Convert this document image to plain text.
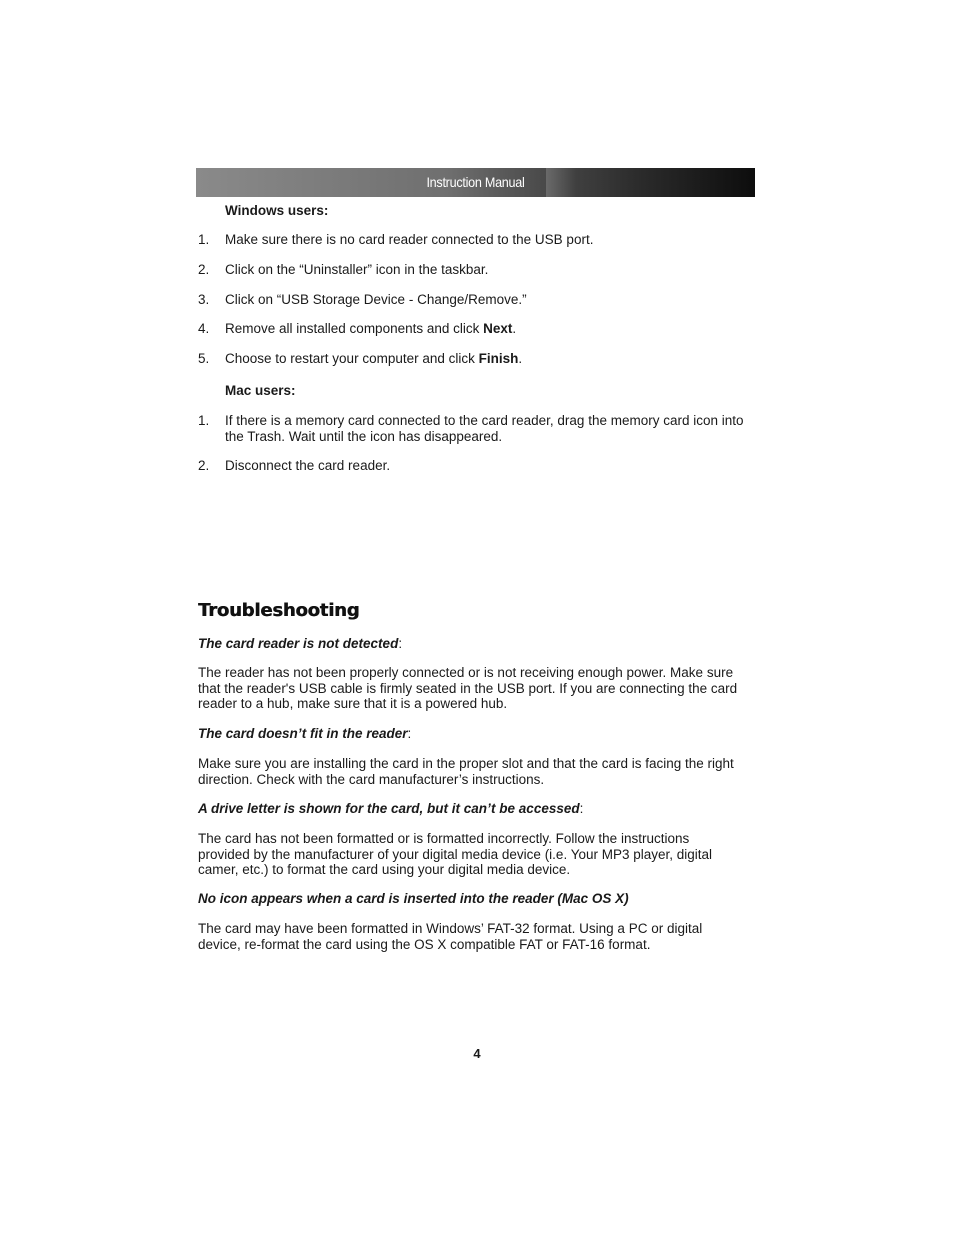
Instruction Manual
Windows users:
1. Make sure there is no card reader connected to the USB port.
2. Click on the “Uninstaller” icon in the taskbar.
3. Click on “USB Storage Device - Change/Remove.”
4. Remove all installed components and click Next.
5. Choose to restart your computer and click Finish.
Mac users:
1. If there is a memory card connected to the card reader, drag the memory card icon into the Trash. Wait until the icon has disappeared.
2. Disconnect the card reader.
Troubleshooting
The card reader is not detected:
The reader has not been properly connected or is not receiving enough power. Make sure that the reader's USB cable is firmly seated in the USB port. If you are connecting the card reader to a hub, make sure that it is a powered hub.
The card doesn’t fit in the reader:
Make sure you are installing the card in the proper slot and that the card is facing the right direction. Check with the card manufacturer’s instructions.
A drive letter is shown for the card, but it can’t be accessed:
The card has not been formatted or is formatted incorrectly. Follow the instructions provided by the manufacturer of your digital media device (i.e. Your MP3 player, digital camer, etc.) to format the card using your digital media device.
No icon appears when a card is inserted into the reader (Mac OS X)
The card may have been formatted in Windows’ FAT-32 format. Using a PC or digital device, re-format the card using the OS X compatible FAT or FAT-16 format.
4
